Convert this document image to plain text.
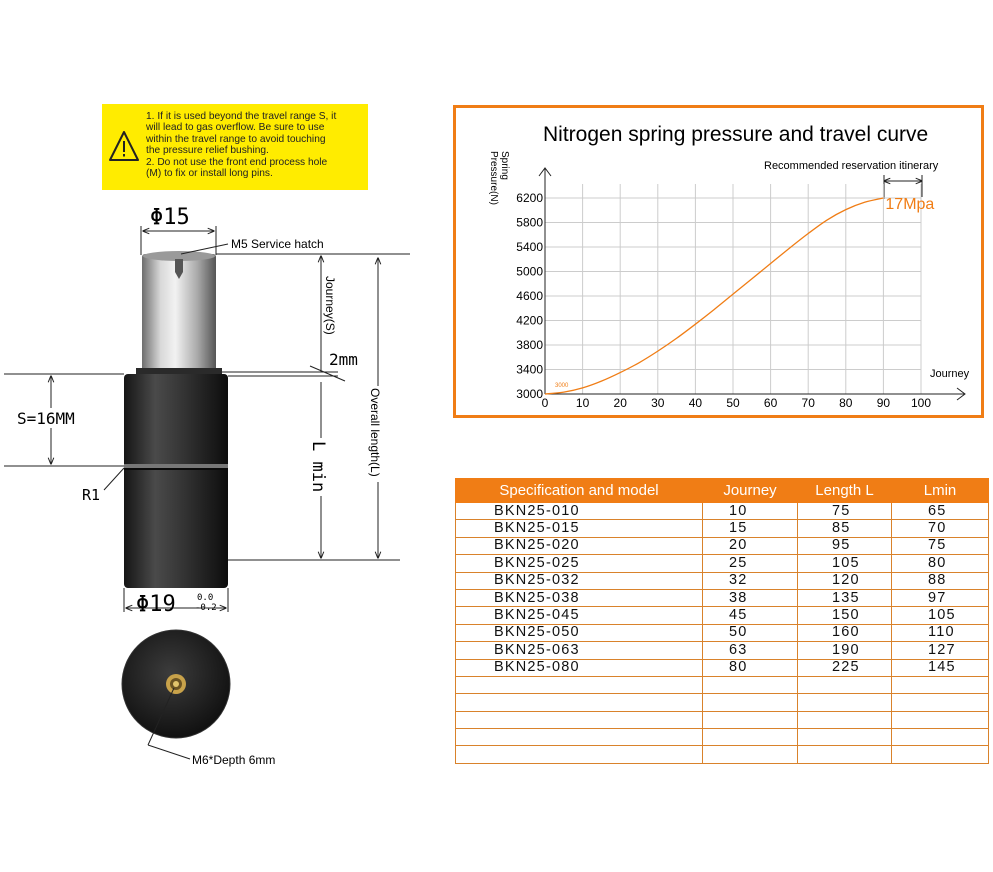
1. If it is used beyond the travel range S, it

will lead to gas overflow. Be sure to use

within the travel range to avoid touching

the pressure relief bushing.

2. Do not use the front end process hole

(M) to fix or install long pins.

Φ15
M5 Service hatch
Journey(S)
2mm
L min	Overall length(L)
S=16MM
R1
Φ19 0.0
-0.2
M6*Depth 6mm
Nitrogen spring pressure and travel curve
Spring
Pressure(N)
Journey
Recommended reservation itinerary
0 10 20 30 40 50 60 70 80 90 100
3000
3400
3800
4200
4600
5000
5400
5800
6200
3000
17Mpa
Specification and model	Journey	Length L	Lmin
BKN25-010	10	75	65
BKN25-015	15	85	70
BKN25-020	20	95	75
BKN25-025	25	105	80
BKN25-032	32	120	88
BKN25-038	38	135	97
BKN25-045	45	150	105
BKN25-050	50	160	110
BKN25-063	63	190	127
BKN25-080	80	225	145
